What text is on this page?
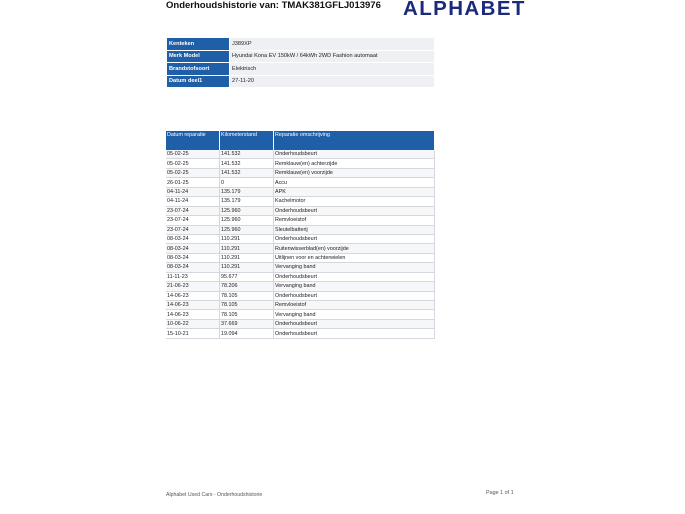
Onderhoudshistorie van: TMAK381GFLJ013976 ALPHABET
Kenteken	J389XP
Merk Model	Hyundai Kona EV 150kW / 64kWh 2WD Fashion automaat
Brandstofsoort	Elektrisch
Datum deel1	27-11-20
Datum reparatie	Kilometerstand	Reparatie omschrijving
05-02-25	141.532	Onderhoudsbeurt
05-02-25	141.532	Remklauw(en) achterzijde
05-02-25	141.532	Remklauw(en) voorzijde
26-01-25	0	Accu
04-11-24	135.179	APK
04-11-24	135.179	Kachelmotor
23-07-24	125.960	Onderhoudsbeurt
23-07-24	125.960	Remvloeistof
23-07-24	125.960	Sleutelbatterij
08-03-24	110.291	Onderhoudsbeurt
08-03-24	110.291	Ruitenwisserblad(en) voorzijde
08-03-24	110.291	Uitlijnen voor en achterwielen
08-03-24	110.291	Vervanging band
11-11-23	95.677	Onderhoudsbeurt
21-06-23	78.206	Vervanging band
14-06-23	78.105	Onderhoudsbeurt
14-06-23	78.105	Remvloeistof
14-06-23	78.105	Vervanging band
10-06-22	37.669	Onderhoudsbeurt
15-10-21	19.094	Onderhoudsbeurt
Alphabet Used Cars - Onderhoudshistorie	Page 1 of 1
